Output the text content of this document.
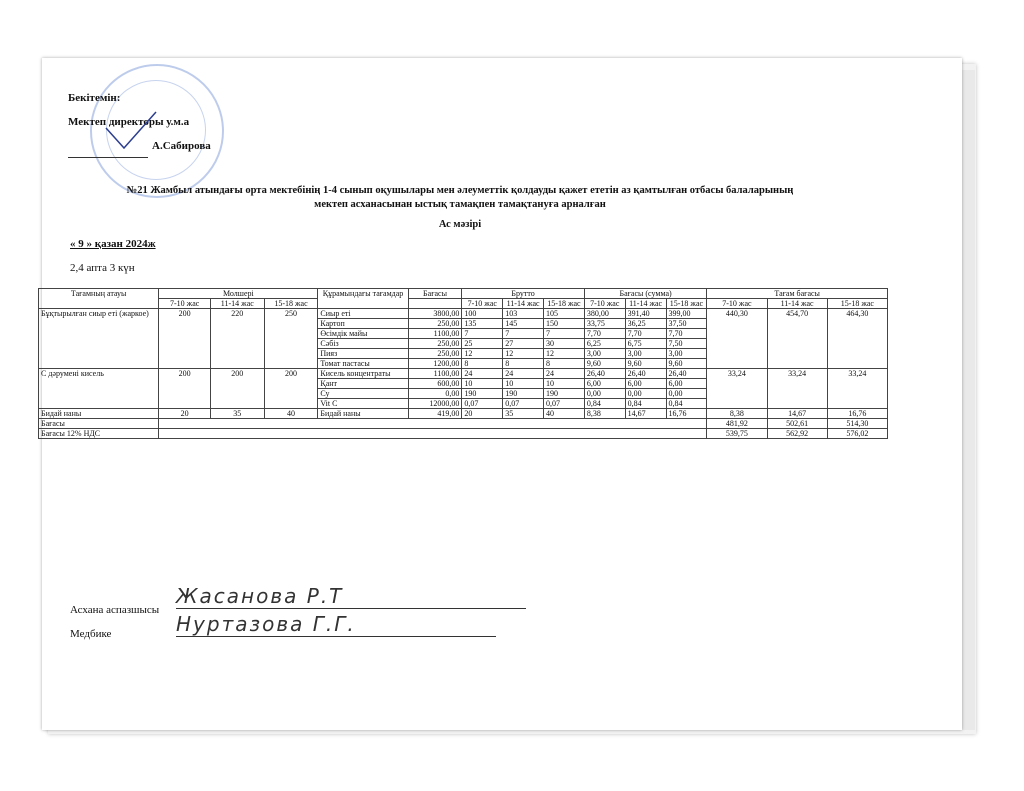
Бекітемін:
Мектеп директоры у.м.а
А.Сабирова
№21 Жамбыл атындағы орта мектебінің 1-4 сынып оқушылары мен әлеуметтік қолдауды қажет ететін аз қамтылған отбасы балаларының
мектеп асханасынан ыстық тамақпен тамақтануға арналған
Ас мәзірі
« 9 » қазан 2024ж
2,4 апта 3 күн
Тағамның атауы	Молшері			Құрамындағы тағамдар	Бағасы	Брутто			Бағасы (сумма)			Тағам бағасы		
	7-10 жас	11-14 жас	15-18 жас			7-10 жас	11-14 жас	15-18 жас	7-10 жас	11-14 жас	15-18 жас	7-10 жас	11-14 жас	15-18 жас
Бұқтырылған сиыр еті (жаркое)	200	220	250	Сиыр еті	3800,00	100	103	105	380,00	391,40	399,00	440,30	454,70	464,30
				Картоп	250,00	135	145	150	33,75	36,25	37,50			
				Өсімдік майы	1100,00	7	7	7	7,70	7,70	7,70			
				Сәбіз	250,00	25	27	30	6,25	6,75	7,50			
				Пияз	250,00	12	12	12	3,00	3,00	3,00			
				Томат пастасы	1200,00	8	8	8	9,60	9,60	9,60			
С дәрумені кисель	200	200	200	Кисель концентраты	1100,00	24	24	24	26,40	26,40	26,40	33,24	33,24	33,24
				Қант	600,00	10	10	10	6,00	6,00	6,00			
				Су	0,00	190	190	190	0,00	0,00	0,00			
				Vit C	12000,00	0,07	0,07	0,07	0,84	0,84	0,84			
Бидай наны	20	35	40	Бидай наны	419,00	20	35	40	8,38	14,67	16,76	8,38	14,67	16,76
Бағасы												481,92	502,61	514,30
Бағасы 12% НДС												539,75	562,92	576,02
Асхана аспазшысы
Жасанова Р.Т
Медбике	Нуртазова Г.Г.
